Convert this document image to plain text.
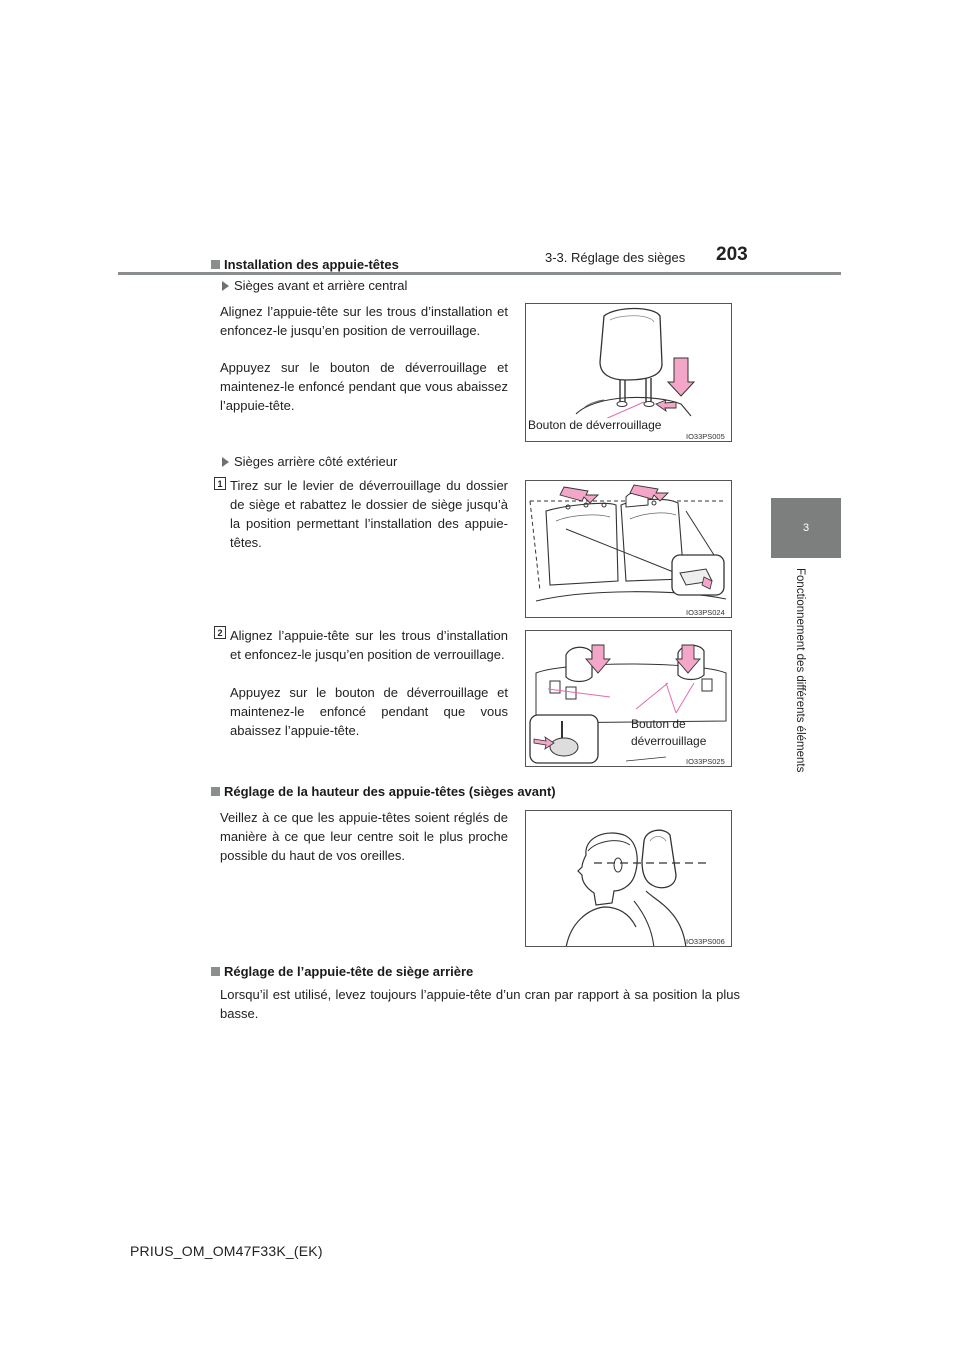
3-3. Réglage des sièges 203
3
Fonctionnement des différents éléments
Installation des appuie-têtes
Sièges avant et arrière central
Alignez l’appuie-tête sur les trous d’installation et enfoncez-le jusqu’en position de verrouillage.
Appuyez sur le bouton de déverrouillage et maintenez-le enfoncé pendant que vous abaissez l’appuie-tête.
Bouton de déverrouillage
IO33PS005
Sièges arrière côté extérieur
1 Tirez sur le levier de déverrouillage du dossier de siège et rabattez le dossier de siège jusqu’à la position permettant l’installation des appuie-têtes.
IO33PS024
2 Alignez l’appuie-tête sur les trous d’installation et enfoncez-le jusqu’en position de verrouillage.
Appuyez sur le bouton de déverrouillage et maintenez-le enfoncé pendant que vous abaissez l’appuie-tête.	Bouton de
déverrouillage
IO33PS025
Réglage de la hauteur des appuie-têtes (sièges avant)
Veillez à ce que les appuie-têtes soient réglés de manière à ce que leur centre soit le plus proche possible du haut de vos oreilles.
IO33PS006
Réglage de l’appuie-tête de siège arrière
Lorsqu’il est utilisé, levez toujours l’appuie-tête d’un cran par rapport à sa position la plus basse.
PRIUS_OM_OM47F33K_(EK)
